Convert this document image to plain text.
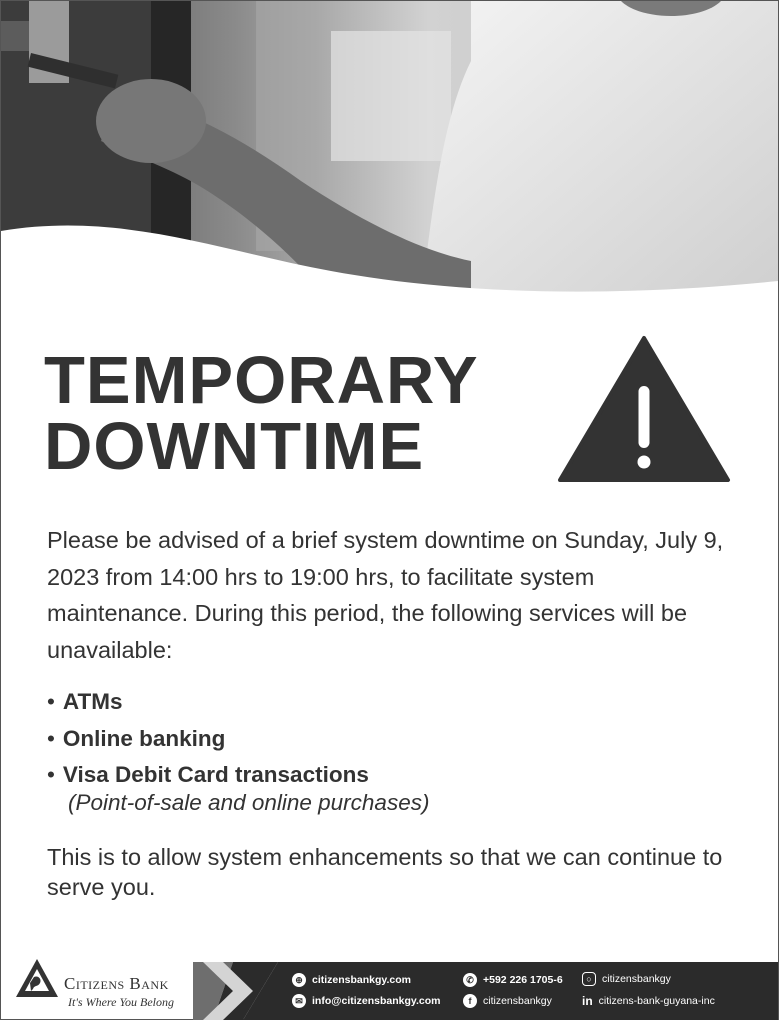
TEMPORARY
DOWNTIME

Please be advised of a brief system downtime on Sunday, July 9, 2023 from 14:00 hrs to 19:00 hrs, to facilitate system maintenance. During this period, the following services will be unavailable:

• ATMs
• Online banking
• Visa Debit Card transactions
(Point-of-sale and online purchases)

This is to allow system enhancements so that we can continue to serve you.

Citizens Bank
It's Where You Belong
⊕ citizensbankgy.com
✉ info@citizensbankgy.com
✆ +592 226 1705-6
f	citizensbankgy
○ citizensbankgy
in citizens-bank-guyana-inc
